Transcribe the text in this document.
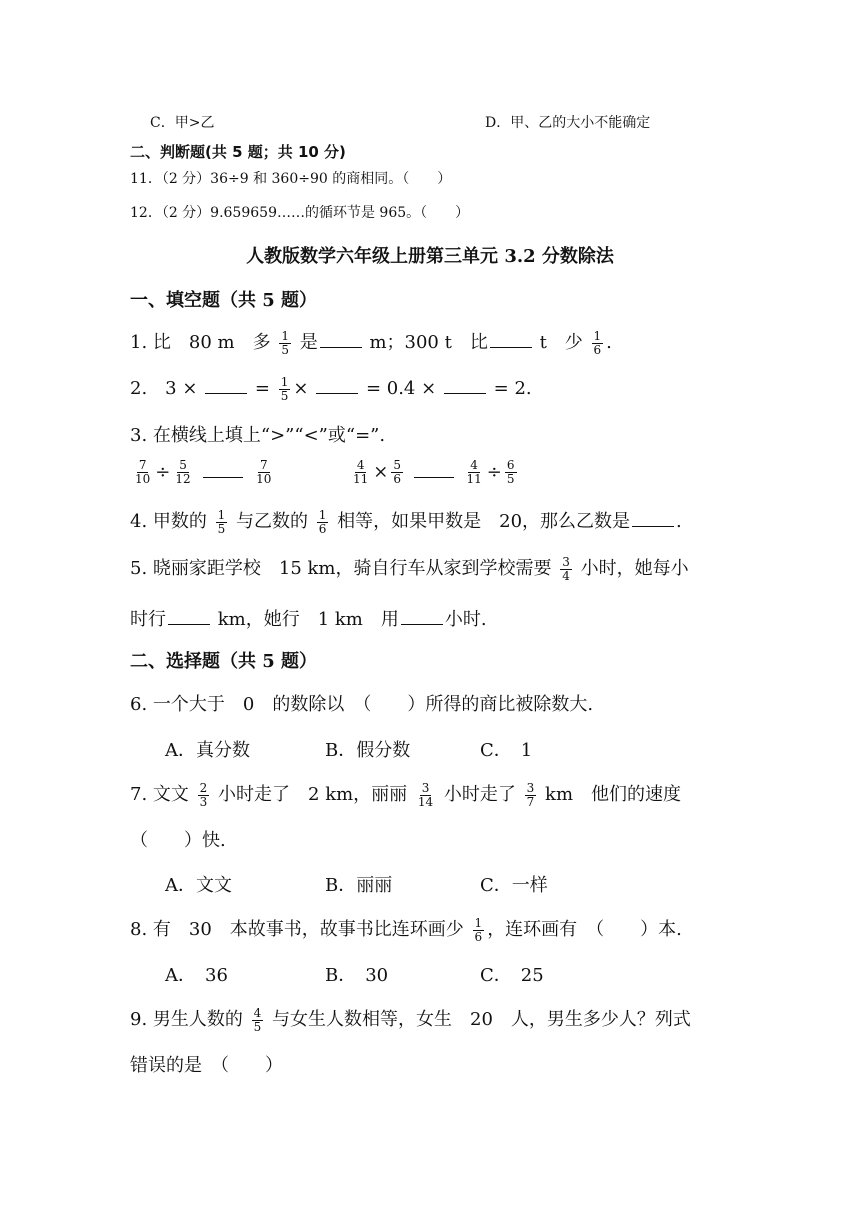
C．甲>乙	D．甲、乙的大小不能确定
二、判断题(共 5 题；共 10 分)
11．（2 分）36÷9 和 360÷90 的商相同。（　　）
12．（2 分）9.659659……的循环节是 965。（　　）
人教版数学六年级上册第三单元 3.2 分数除法
一、填空题（共 5 题）
1. 比　80 m　多 $\frac{1}{5}$ 是	m；300 t　比	t　少 $\frac{1}{6}$ .
2.　3 ×	= $\frac{1}{5}$ ×	= 0.4 ×	= 2.
3. 在横线上填上“>”“<”或“=”.
$\frac{7}{10} \div \frac{5}{12}$
	$\frac{7}{10}$	$\frac{4}{11} \times \frac{5}{6}$
	$\frac{4}{11} \div \frac{6}{5}$
4. 甲数的 $\frac{1}{5}$ 与乙数的 $\frac{1}{6}$ 相等，如果甲数是　20，那么乙数是	.
5. 晓丽家距学校　15 km，骑自行车从家到学校需要 $\frac{3}{4}$ 小时，她每小
时行	km，她行　1 km　用	小时.
二、选择题（共 5 题）
6. 一个大于　0　的数除以　（　　）所得的商比被除数大.
A．真分数	B．假分数	C．　1
7. 文文 $\frac{2}{3}$ 小时走了　2 km，丽丽 $\frac{3}{14}$ 小时走了 $\frac{3}{7}$ km　他们的速度
（　　）快.
A．文文	B．丽丽	C．一样
8. 有　30　本故事书，故事书比连环画少 $\frac{1}{6}$ ，连环画有　（　　）本.
A．　36	B．　30	C．　25
9. 男生人数的 $\frac{4}{5}$ 与女生人数相等，女生　20　人，男生多少人？列式
错误的是　（　　）
